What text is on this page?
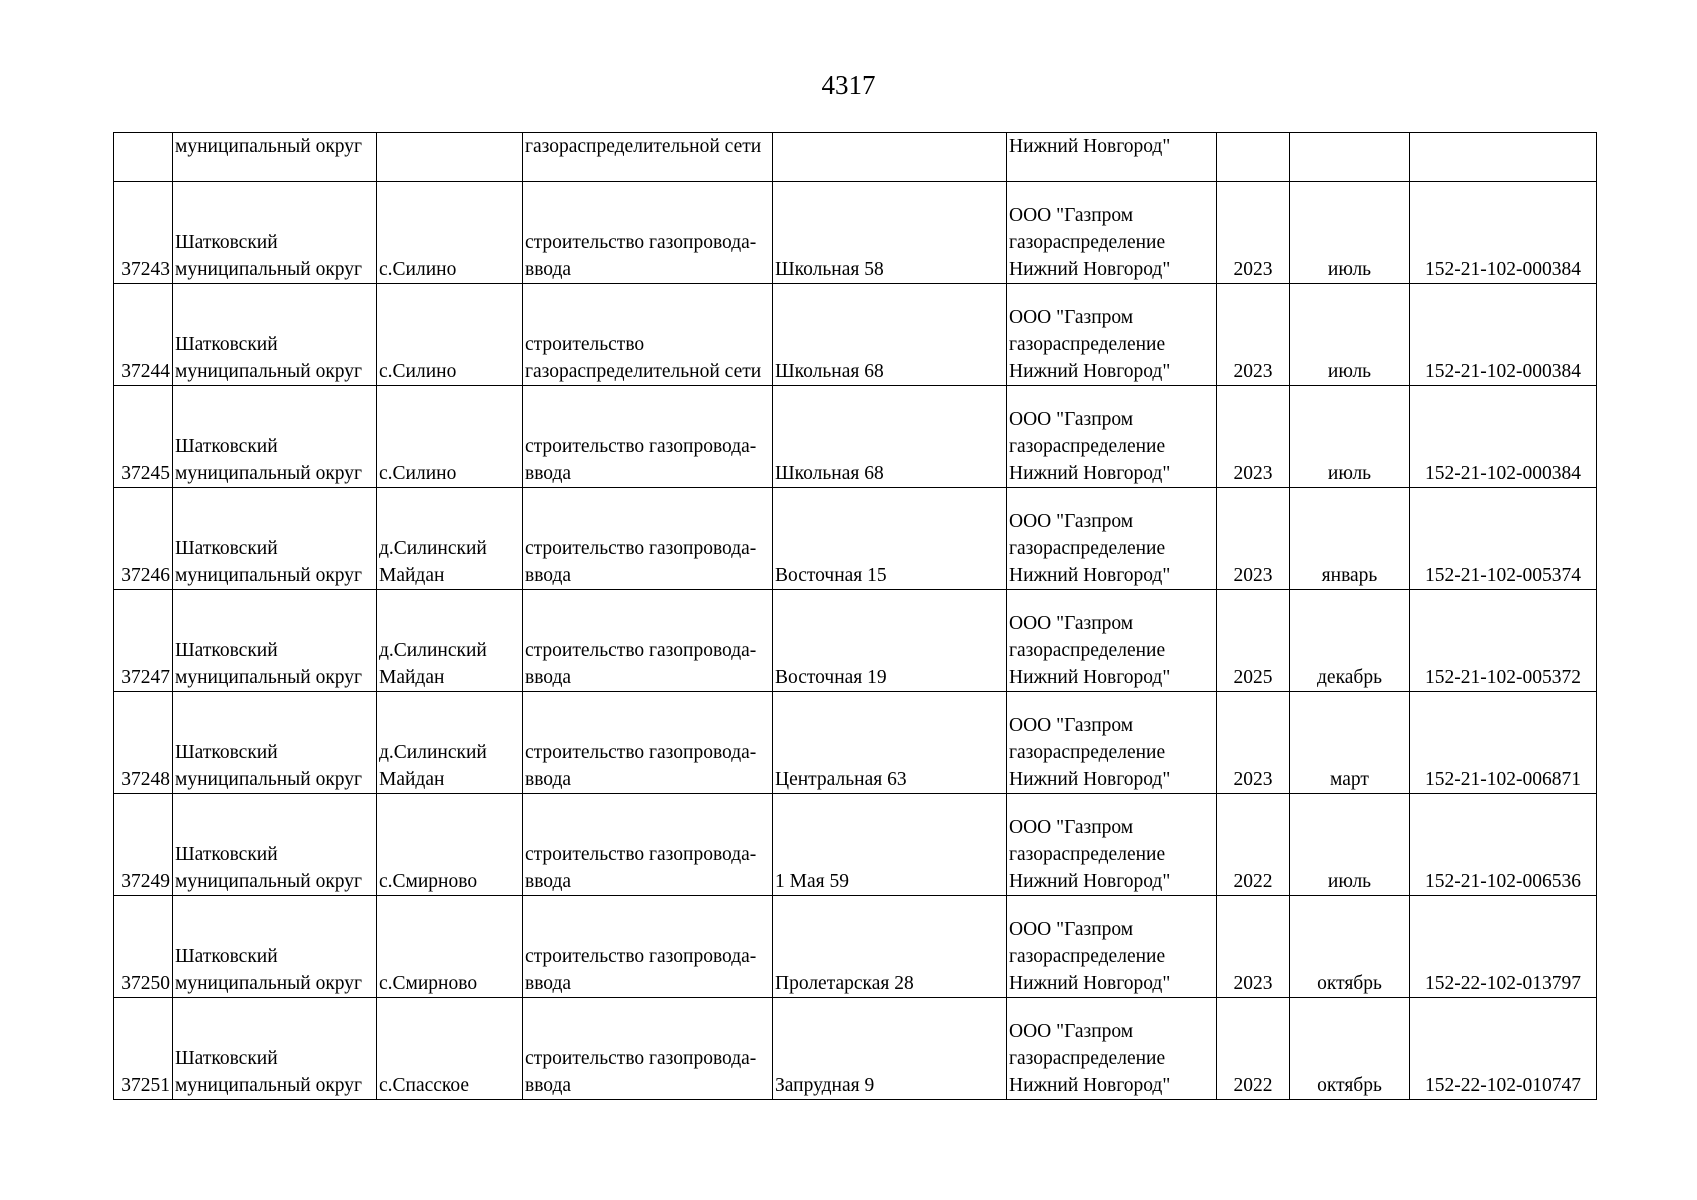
4317

	муниципальный округ		газораспределительной сети		Нижний Новгород"			

37243	Шатковский
муниципальный округ	с.Силино	строительство газопровода-
ввода	Школьная 58	ООО "Газпром
газораспределение
Нижний Новгород"	2023	июль	152-21-102-000384

37244	Шатковский
муниципальный округ	с.Силино	строительство
газораспределительной сети	Школьная 68	ООО "Газпром
газораспределение
Нижний Новгород"	2023	июль	152-21-102-000384

37245	Шатковский
муниципальный округ	с.Силино	строительство газопровода-
ввода	Школьная 68	ООО "Газпром
газораспределение
Нижний Новгород"	2023	июль	152-21-102-000384

37246	Шатковский
муниципальный округ	д.Силинский
Майдан	строительство газопровода-
ввода	Восточная 15	ООО "Газпром
газораспределение
Нижний Новгород"	2023	январь	152-21-102-005374

37247	Шатковский
муниципальный округ	д.Силинский
Майдан	строительство газопровода-
ввода	Восточная 19	ООО "Газпром
газораспределение
Нижний Новгород"	2025	декабрь	152-21-102-005372

37248	Шатковский
муниципальный округ	д.Силинский
Майдан	строительство газопровода-
ввода	Центральная 63	ООО "Газпром
газораспределение
Нижний Новгород"	2023	март	152-21-102-006871

37249	Шатковский
муниципальный округ	с.Смирново	строительство газопровода-
ввода	1 Мая 59	ООО "Газпром
газораспределение
Нижний Новгород"	2022	июль	152-21-102-006536

37250	Шатковский
муниципальный округ	с.Смирново	строительство газопровода-
ввода	Пролетарская 28	ООО "Газпром
газораспределение
Нижний Новгород"	2023	октябрь	152-22-102-013797

37251	Шатковский
муниципальный округ	с.Спасское	строительство газопровода-
ввода	Запрудная 9	ООО "Газпром
газораспределение
Нижний Новгород"	2022	октябрь	152-22-102-010747
